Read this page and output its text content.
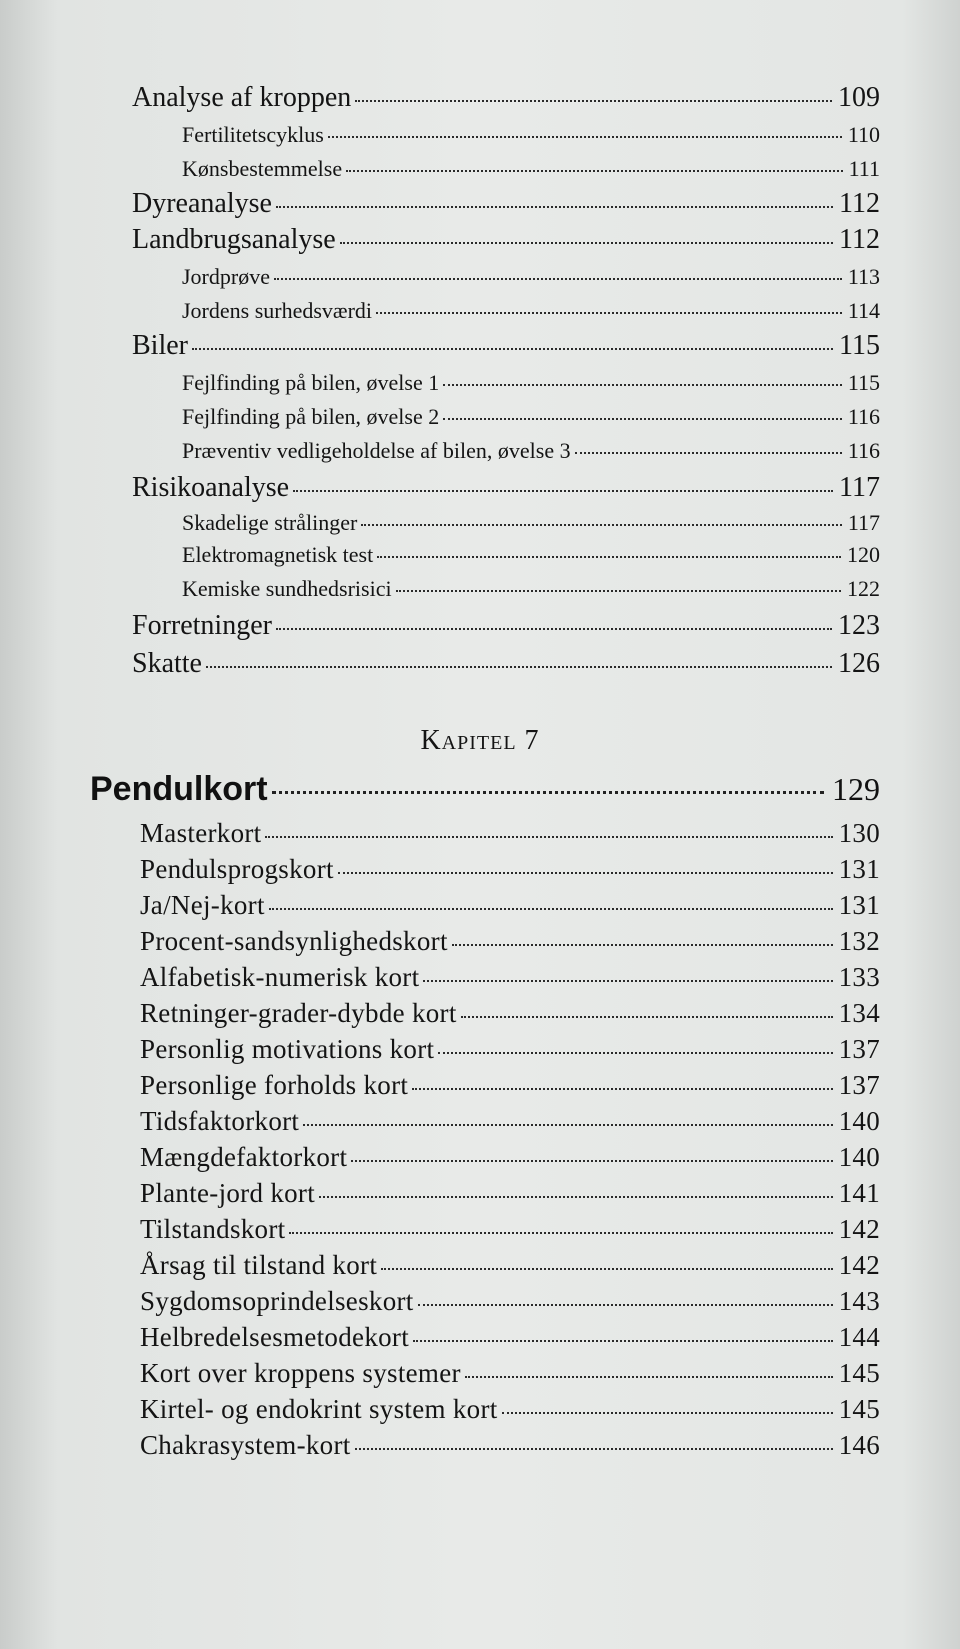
Analyse af kroppen	109
Fertilitetscyklus	110
Kønsbestemmelse	111
Dyreanalyse	112
Landbrugsanalyse	112
Jordprøve	113
Jordens surhedsværdi	114
Biler	115
Fejlfinding på bilen, øvelse 1	115
Fejlfinding på bilen, øvelse 2	116
Præventiv vedligeholdelse af bilen, øvelse 3	116
Risikoanalyse	117
Skadelige strålinger	117
Elektromagnetisk test	120
Kemiske sundhedsrisici	122
Forretninger	123
Skatte	126
Kapitel 7
Pendulkort	129
Masterkort	130
Pendulsprogskort	131
Ja/Nej-kort	131
Procent-sandsynlighedskort	132
Alfabetisk-numerisk kort	133
Retninger-grader-dybde kort	134
Personlig motivations kort	137
Personlige forholds kort	137
Tidsfaktorkort	140
Mængdefaktorkort	140
Plante-jord kort	141
Tilstandskort	142
Årsag til tilstand kort	142
Sygdomsoprindelseskort	143
Helbredelsesmetodekort	144
Kort over kroppens systemer	145
Kirtel- og endokrint system kort	145
Chakrasystem-kort	146
